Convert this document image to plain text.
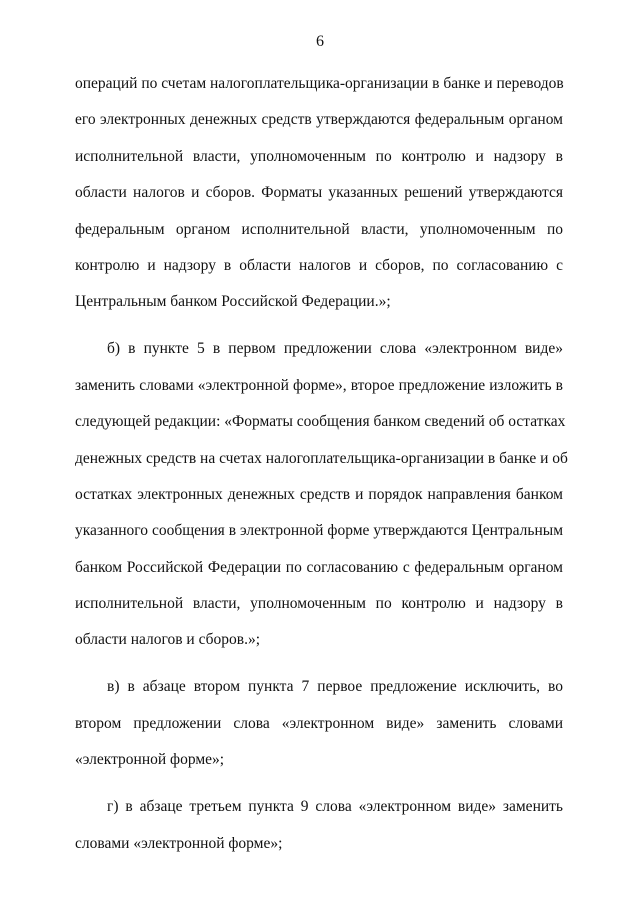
6
операций по счетам налогоплательщика-организации в банке и переводов
его электронных денежных средств утверждаются федеральным органом
исполнительной власти, уполномоченным по контролю и надзору в
области налогов и сборов. Форматы указанных решений утверждаются
федеральным органом исполнительной власти, уполномоченным по
контролю и надзору в области налогов и сборов, по согласованию с
Центральным банком Российской Федерации.»;
б) в пункте 5 в первом предложении слова «электронном виде»
заменить словами «электронной форме», второе предложение изложить в
следующей редакции: «Форматы сообщения банком сведений об остатках
денежных средств на счетах налогоплательщика-организации в банке и об
остатках электронных денежных средств и порядок направления банком
указанного сообщения в электронной форме утверждаются Центральным
банком Российской Федерации по согласованию с федеральным органом
исполнительной власти, уполномоченным по контролю и надзору в
области налогов и сборов.»;
в) в абзаце втором пункта 7 первое предложение исключить, во
втором предложении слова «электронном виде» заменить словами
«электронной форме»;
г) в абзаце третьем пункта 9 слова «электронном виде» заменить
словами «электронной форме»;
